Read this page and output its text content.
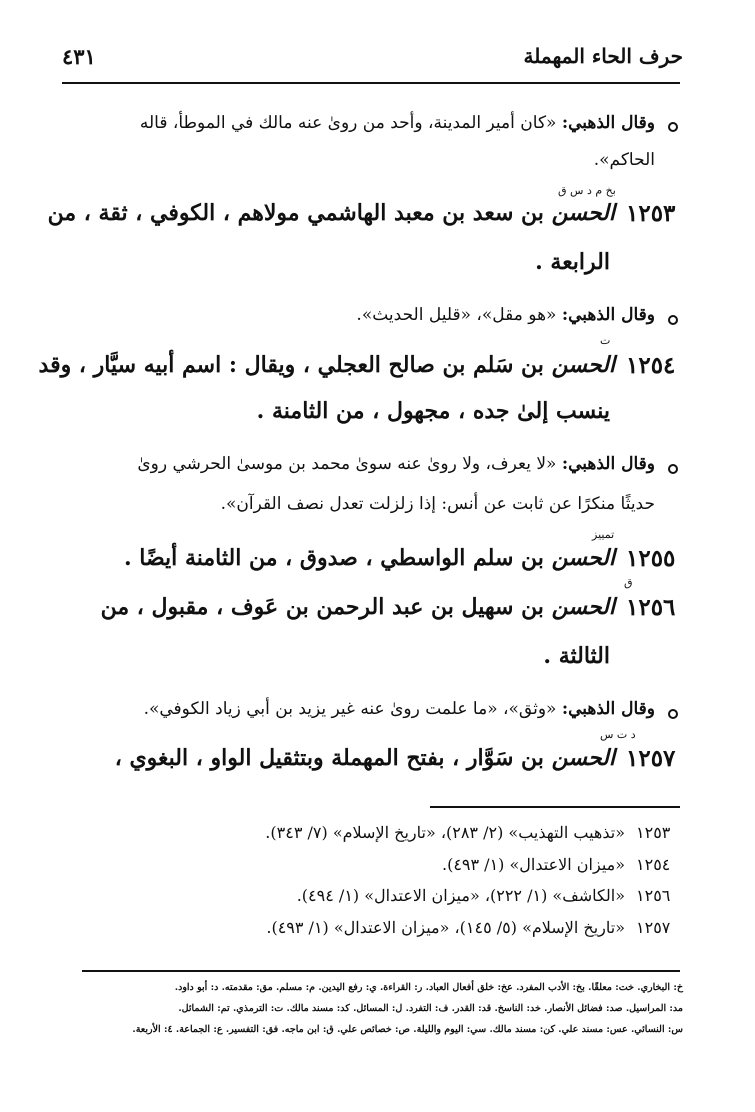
حرف الحاء المهملة
٤٣١
وقال الذهبي: «كان أمير المدينة، وأحد من روىٰ عنه مالك في الموطأ، قاله
الحاكم».
بخ م د س ق
١٢٥٣
الحسن بن سعد بن معبد الهاشمي مولاهم ، الكوفي ، ثقة ، من
الرابعة .
وقال الذهبي: «هو مقل»، «قليل الحديث».
ت
١٢٥٤
الحسن بن سَلم بن صالح العجلي ، ويقال : اسم أبيه سيَّار ، وقد
ينسب إلىٰ جده ، مجهول ، من الثامنة .
وقال الذهبي: «لا يعرف، ولا روىٰ عنه سوىٰ محمد بن موسىٰ الحرشي روىٰ
حديثًا منكرًا عن ثابت عن أنس: إذا زلزلت تعدل نصف القرآن».
تمييز
١٢٥٥
الحسن بن سلم الواسطي ، صدوق ، من الثامنة أيضًا .
ق
١٢٥٦
الحسن بن سهيل بن عبد الرحمن بن عَوف ، مقبول ، من
الثالثة .
وقال الذهبي: «وثق»، «ما علمت روىٰ عنه غير يزيد بن أبي زياد الكوفي».
د ت س
١٢٥٧
الحسن بن سَوَّار ، بفتح المهملة وبتثقيل الواو ، البغوي ،
١٢٥٣
«تذهيب التهذيب» (٢/ ٢٨٣)، «تاريخ الإسلام» (٧/ ٣٤٣).
١٢٥٤
«ميزان الاعتدال» (١/ ٤٩٣).
١٢٥٦
«الكاشف» (١/ ٢٢٢)، «ميزان الاعتدال» (١/ ٤٩٤).
١٢٥٧
«تاريخ الإسلام» (٥/ ١٤٥)، «ميزان الاعتدال» (١/ ٤٩٣).
خ: البخاري. خت: معلقًا. بخ: الأدب المفرد. عخ: خلق أفعال العباد. ر: القراءة. ي: رفع اليدين. م: مسلم. مق: مقدمته. د: أبو داود.
مد: المراسيل. صد: فضائل الأنصار. خد: الناسخ. قد: القدر. ف: التفرد. ل: المسائل. كد: مسند مالك. ت: الترمذي. تم: الشمائل.
س: النسائي. عس: مسند علي. كن: مسند مالك. سي: اليوم والليلة. ص: خصائص علي. ق: ابن ماجه. فق: التفسير. ع: الجماعة. ٤: الأربعة.
